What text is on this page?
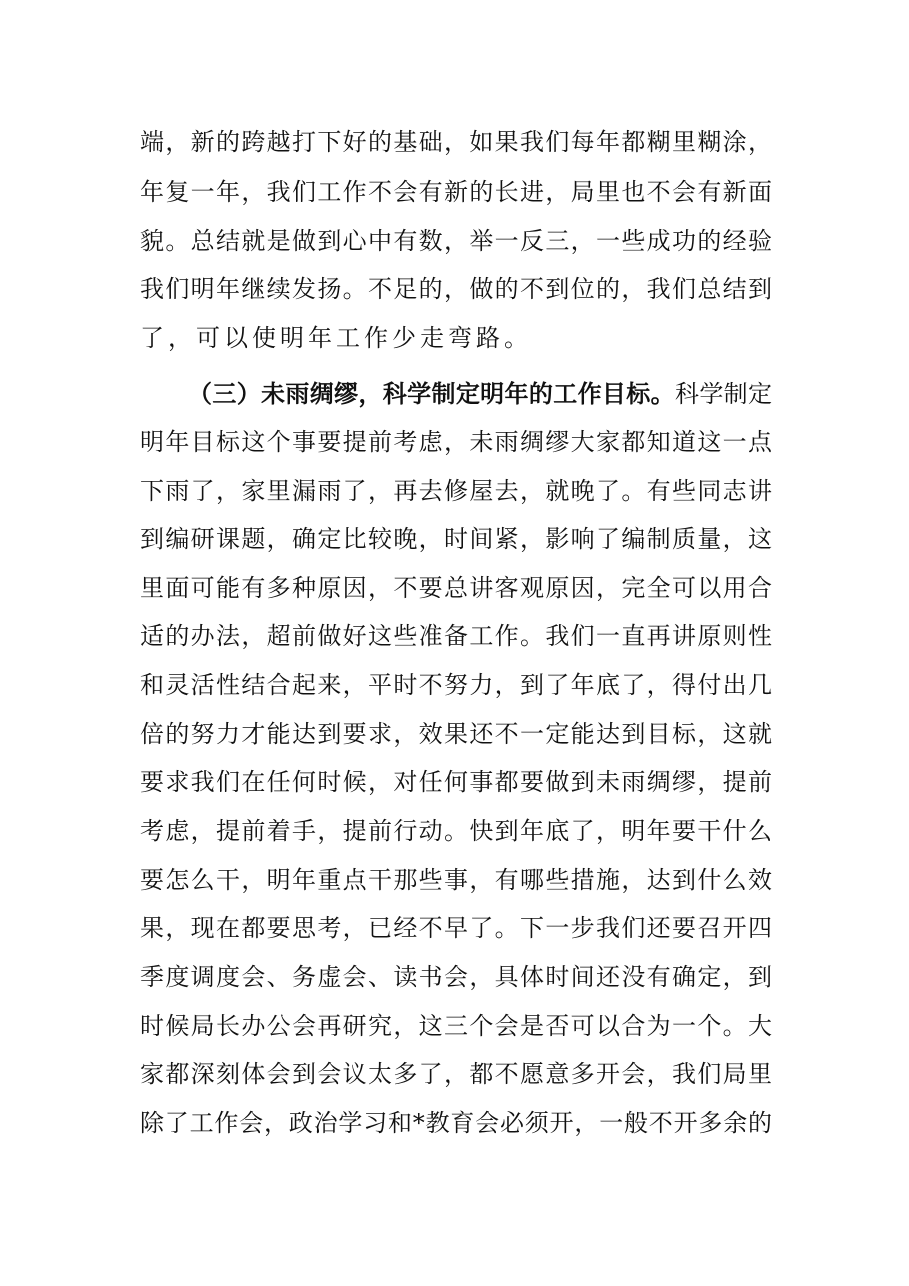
端，新的跨越打下好的基础，如果我们每年都糊里糊涂，
年复一年，我们工作不会有新的长进，局里也不会有新面
貌。总结就是做到心中有数，举一反三，一些成功的经验
我们明年继续发扬。不足的，做的不到位的，我们总结到
了，可以使明年工作少走弯路。
（三）未雨绸缪，科学制定明年的工作目标。科学制定
明年目标这个事要提前考虑，未雨绸缪大家都知道这一点
下雨了，家里漏雨了，再去修屋去，就晚了。有些同志讲
到编研课题，确定比较晚，时间紧，影响了编制质量，这
里面可能有多种原因，不要总讲客观原因，完全可以用合
适的办法，超前做好这些准备工作。我们一直再讲原则性
和灵活性结合起来，平时不努力，到了年底了，得付出几
倍的努力才能达到要求，效果还不一定能达到目标，这就
要求我们在任何时候，对任何事都要做到未雨绸缪，提前
考虑，提前着手，提前行动。快到年底了，明年要干什么
要怎么干，明年重点干那些事，有哪些措施，达到什么效
果，现在都要思考，已经不早了。下一步我们还要召开四
季度调度会、务虚会、读书会，具体时间还没有确定，到
时候局长办公会再研究，这三个会是否可以合为一个。大
家都深刻体会到会议太多了，都不愿意多开会，我们局里
除了工作会，政治学习和*教育会必须开，一般不开多余的
